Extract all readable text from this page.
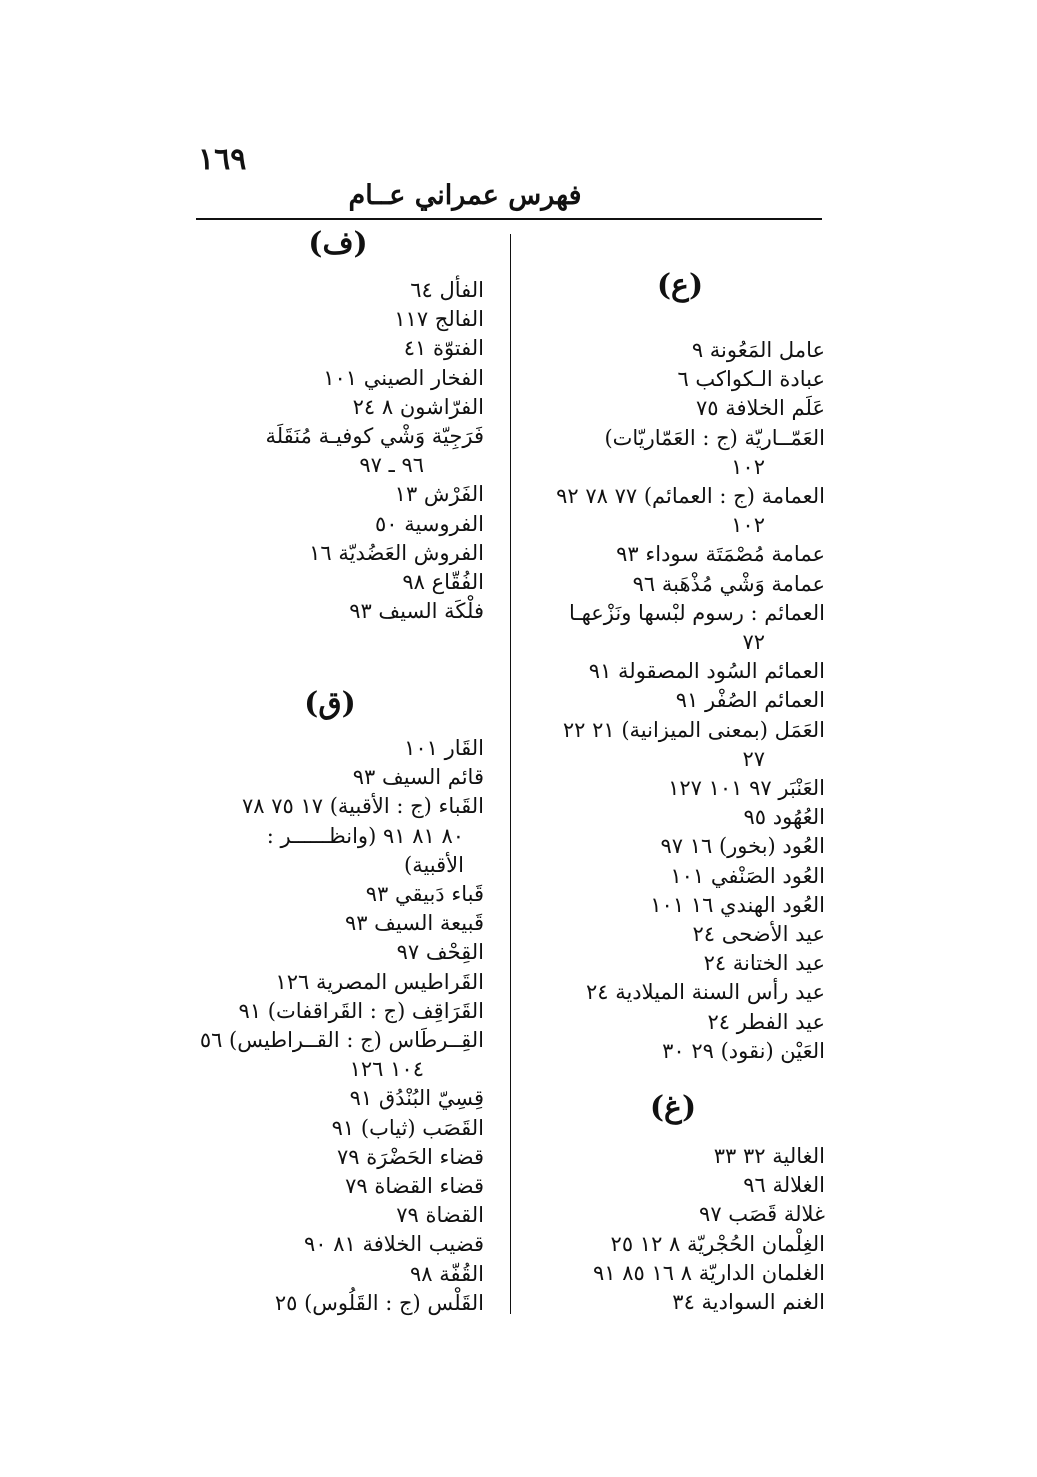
١٦٩
فهرس عمراني عــام
(ع)
عامل المَعُونة ٩
عبادة الـكواكب ٦
عَلَم الخلافة ٧٥
العَمّــاريّة (ج : العَمّاريّات)
١٠٢
العمامة (ج : العمائم) ٧٧ ٧٨ ٩٢
١٠٢
عمامة مُصْمَتَة سوداء ٩٣
عمامة وَشْي مُذْهَبة ٩٦
العمائم : رسوم لبْسها ونَزْعهـا
٧٢
العمائم السُود المصقولة ٩١
العمائم الصُفْر ٩١
العَمَل (بمعنى الميزانية) ٢١ ٢٢
٢٧
العَنْبَر ٩٧ ١٠١ ١٢٧
العُهُود ٩٥
العُود (بخور) ١٦ ٩٧
العُود الصَنْفي ١٠١
العُود الهندي ١٦ ١٠١
عيد الأضحى ٢٤
عيد الختانة ٢٤
عيد رأس السنة الميلادية ٢٤
عيد الفطر ٢٤
العَيْن (نقود) ٢٩ ٣٠
(غ)
الغالية ٣٢ ٣٣
الغلالة ٩٦
غلالة قَصَب ٩٧
الغِلْمان الحُجْريّة ٨ ١٢ ٢٥
الغلمان الداريّة ٨ ١٦ ٨٥ ٩١
الغنم السوادية ٣٤
(ف)
الفأل ٦٤
الفالج ١١٧
الفتوّة ٤١
الفخار الصيني ١٠١
الفرّاشون ٨ ٢٤
فَرَجِيّة وَشْي كوفيـة مُنَقَلَة
٩٦ ـ ٩٧
الفَرْش ١٣
الفروسية ٥٠
الفروش العَضُديّة ١٦
الفُقّاع ٩٨
فلْكَة السيف ٩٣
(ق)
القَار ١٠١
قائم السيف ٩٣
القَباء (ج : الأقبية) ١٧ ٧٥ ٧٨
٨٠ ٨١ ٩١ (وانظــــــر :
الأقبية)
قَباء دَبيقي ٩٣
قَبيعة السيف ٩٣
القِحْف ٩٧
القَراطيس المصرية ١٢٦
القَرَاقِف (ج : القَراقفات) ٩١
القِــرطَاس (ج : القــراطيس) ٥٦
١٠٤ ١٢٦
قِسِيّ البُنْدُق ٩١
القَصَب (ثياب) ٩١
قضاء الحَضْرَة ٧٩
قضاء القضاة ٧٩
القضاة ٧٩
قضيب الخلافة ٨١ ٩٠
القُفّة ٩٨
القَلْس (ج : القَلُوس) ٢٥
